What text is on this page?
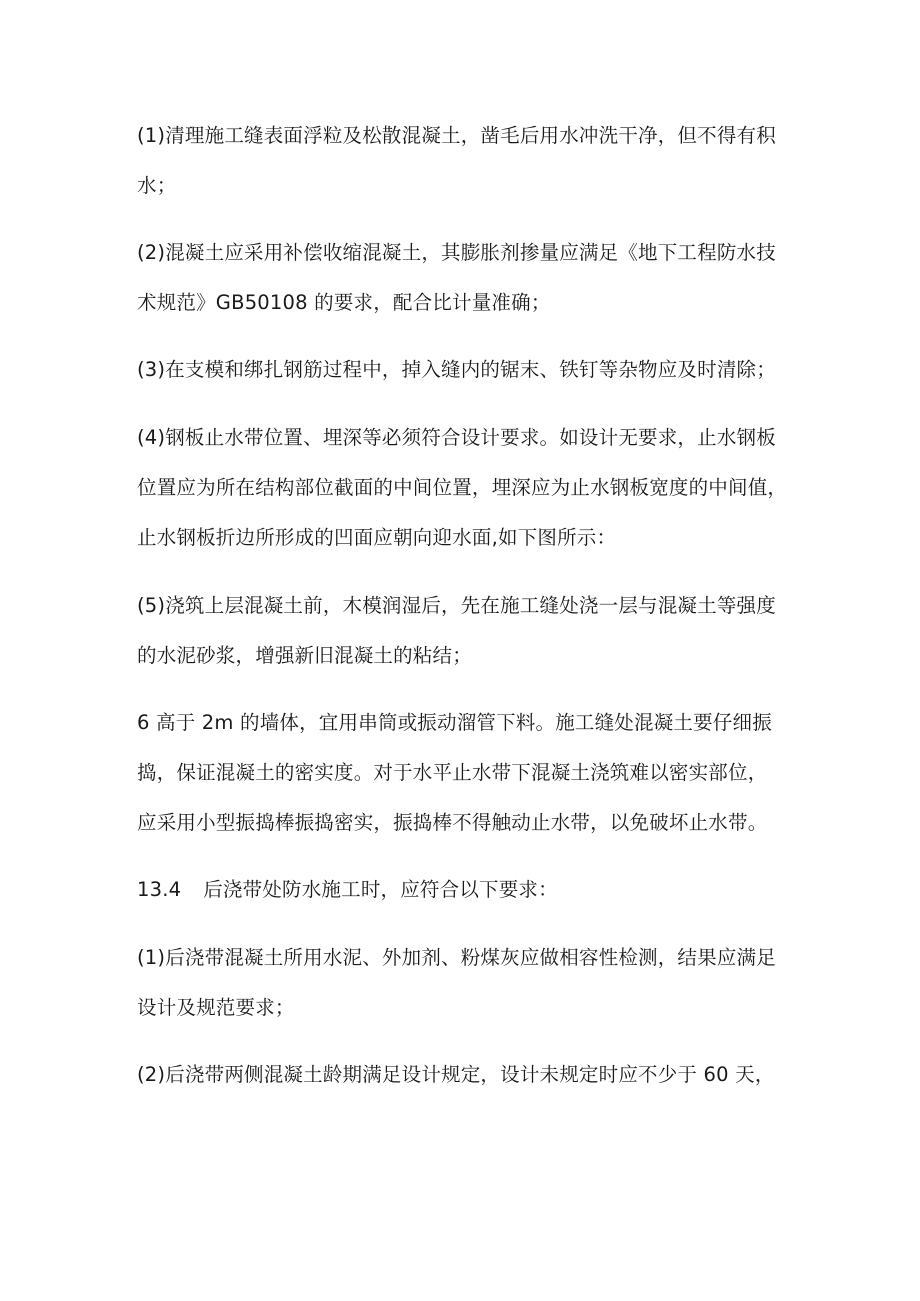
(1)清理施工缝表面浮粒及松散混凝土，凿毛后用水冲洗干净，但不得有积
水；
(2)混凝土应采用补偿收缩混凝土，其膨胀剂掺量应满足《地下工程防水技
术规范》GB50108 的要求，配合比计量准确；
(3)在支模和绑扎钢筋过程中，掉入缝内的锯末、铁钉等杂物应及时清除；
(4)钢板止水带位置、埋深等必须符合设计要求。如设计无要求，止水钢板
位置应为所在结构部位截面的中间位置，埋深应为止水钢板宽度的中间值，
止水钢板折边所形成的凹面应朝向迎水面,如下图所示：
(5)浇筑上层混凝土前，木模润湿后，先在施工缝处浇一层与混凝土等强度
的水泥砂浆，增强新旧混凝土的粘结；
6 高于 2m 的墙体，宜用串筒或振动溜管下料。施工缝处混凝土要仔细振
捣，保证混凝土的密实度。对于水平止水带下混凝土浇筑难以密实部位，
应采用小型振捣棒振捣密实，振捣棒不得触动止水带，以免破坏止水带。
13.4 后浇带处防水施工时，应符合以下要求：
(1)后浇带混凝土所用水泥、外加剂、粉煤灰应做相容性检测，结果应满足
设计及规范要求；
(2)后浇带两侧混凝土龄期满足设计规定，设计未规定时应不少于 60 天，
